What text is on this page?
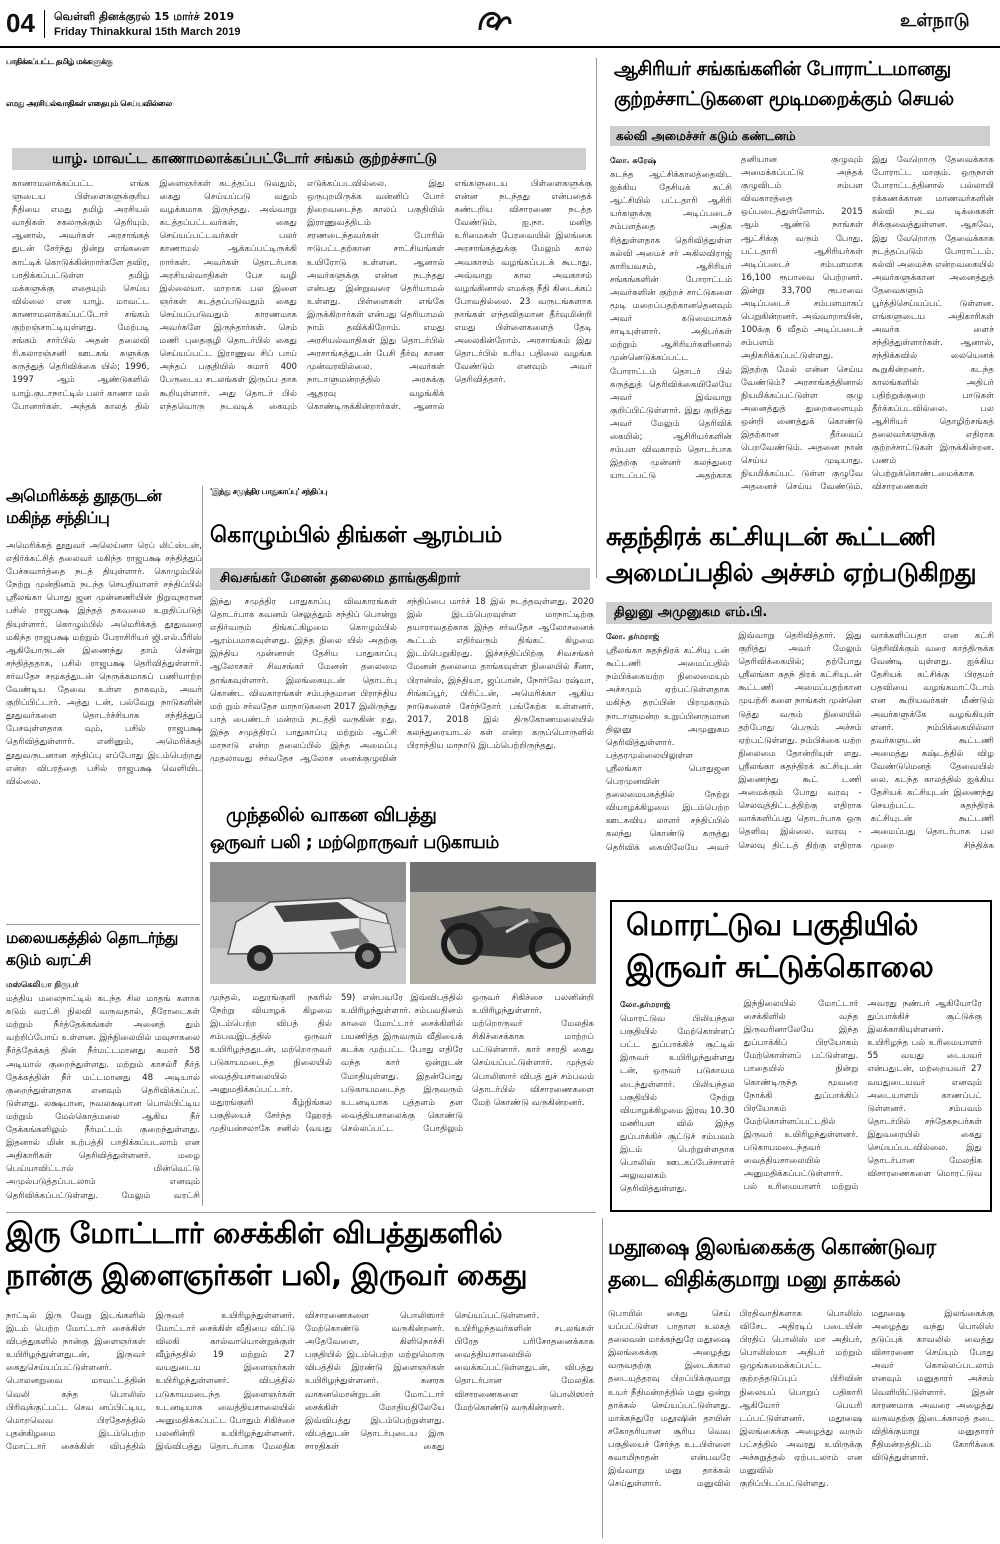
04 வெள்ளி தினக்குரல் 15 மார்ச் 2019
Friday Thinakkural 15th March 2019
உள்நாடு
பாதிக்கப்பட்ட தமிழ் மக்களுக்கு
எமது அரசியல்வாதிகள் எதையும் செய்யவில்லை
யாழ். மாவட்ட காணாமலாக்கப்பட்டோர் சங்கம் குற்றச்சாட்டு
காணாமலாக்கப்பட்ட எங்க ளுடைய பிள்ளைகளுக்குரிய நீதியை எமது தமிழ் அரசியல் வாதிகள் சகலருக்கும் தெரியும். ஆனால், அவர்கள் அரசாங்கத் துடன் சேர்ந்து நின்று எங்களை காட்டிக் கொடுக்கின்றார்களே தவிர, பாதிக்கப்பட்டுள்ள தமிழ் மக்களுக்கு எதையும் செய்ய வில்லை என யாழ். மாவட்ட காணாமலாக்கப்பட்டோர் சங்கம் குற்றஞ்சாட்டியுள்ளது. மேற்படி சங்கம் சார்பில் அதன் தலைவி ரி.கலாரஞ்சனி ஊடகங் களுக்கு கருத்துத் தெரிவிக்கை யில்; 1996, 1997 ஆம் ஆண்டுகளில் யாழ்.குடாநாட்டில் பலர் காணா மல் போனார்கள். அந்தக் காலத் தில் இளைஞர்கள் கடத்தப்ப டுவதும், கைது செய்யப்படு வதும் வழக்கமாக இருந்தது. அவ்வாறு கடத்தப்பட்டவர்கள், கைது செய்யப்பட்டவர்கள் பலர் காணாமல் ஆக்கப்பட்டிருக்கி றார்கள். அவர்கள் தொடர்பாக அரசியல்வாதிகள் பேச வழி இல்லையா. மாறாக பல இளை ஞர்கள் கடத்தப்படுவதும் கைது செய்யப்படுவதும் காரணமாக அவர்களே இருந்தார்கள். செம் மணி புதைகுழி தொடர்பில் கைது செய்யப்பட்ட இராணுவ சிப் பாய் அந்தப் பகுதியில் சுமார் 400 பேருடைய சடலங்கள் இருப்ப தாக கூறியுள்ளார். அது தொடர் பில் எந்தவொரு நடவடிக் கையும் எடுக்கப்படவில்லை. இது ஒருபுறமிருக்க வன்னிப் போர் நிறைவடைந்த காலப் பகுதியில் இராணுவத்திடம் சரணடைந்தவர்கள் போரில் ஈடுபட்டதற்கான சாட்சியங்கள் உயிரோடு உள்ளன. ஆனால் அவர்களுக்கு என்ன நடந்தது என்பது இன்றுவரை தெரியாமல் உள்ளது. பிள்ளைகள் எங்கே இருக்கிறார்கள் என்பது தெரியாமல் நாம் தவிக்கிறோம். எமது அரசியல்வாதிகள் இது தொடர்பில் அரசாங்கத்துடன் பேசி தீர்வு காண முன்வரவில்லை. அவர்கள் நாடாளுமன்றத்தில் அரசுக்கு ஆதரவு வழங்கிக் கொண்டிருக்கின்றார்கள். ஆனால் எங்களுடைய பிள்ளைகளுக்கு என்ன நடந்தது என்பதைக் கண்டறிய விசாரணை நடத்த வேண்டும். ஐ.நா. மனித உரிமைகள் பேரவையில் இலங்கை அரசாங்கத்துக்கு மேலும் கால அவகாசம் வழங்கப்படக் கூடாது. அவ்வாறு கால அவகாசம் வழங்கினால் எமக்கு நீதி கிடைக்கப் போவதில்லை. 23 வருடங்களாக நாங்கள் எந்தவிதமான தீர்வுமின்றி எமது பிள்ளைகளைத் தேடி அலைகின்றோம். அரசாங்கம் இது தொடர்பில் உரிய பதிலை வழங்க வேண்டும் எனவும் அவர் தெரிவித்தார்.
ஆசிரியர் சங்கங்களின் போராட்டமானது
குற்றச்சாட்டுகளை மூடிமறைக்கும் செயல்
கல்வி அமைச்சர் கடும் கண்டனம்
லோ. சுரேஷ்
கடந்த ஆட்சிக்காலத்தைவிட ஐக்கிய தேசியக் கட்சி ஆட்சியில் பட்டதாரி ஆசிரி யர்களுக்கு அடிப்படைச் சம்பளத்தை அதிக ரித்துள்ளதாக தெரிவித்துள்ள கல்வி அமைச் சர் அகிலவிராஜ் காரியவசம், ஆசிரியர் சங்கங்களின் போராட்டம் அவர்களின் குற்றச் சாட்டுகளை மூடி மறைப்பதற்கானதெனவும் அவர் கடுமையாகச் சாடியுள்ளார். அதிபர்கள் மற்றும் ஆசிரியர்களினால் முன்னெடுக்கப்பட்ட போராட்டம் தொடர் பில் கருத்துத் தெரிவிக்கையிலேயே அவர் இவ்வாறு குறிப்பிட்டுள்ளார். இது குறித்து அவர் மேலும் தெரிவிக் கையில்; ஆசிரியர்களின் சம்பள விவகாரம் தொடர்பாக இதற்கு முன்னர் கலந்துரை யாடப்பட்டு அதற்காக தனியான குழுவும் அமைக்கப்பட்டு அந்தக் குழுவிடம் சம்பள விவகாரத்தை ஒப்படைத்துள்ளோம். 2015 ஆம் ஆண்டு நாங்கள் ஆட்சிக்கு வரும் போது, பட்டதாரி ஆசிரியர்கள் அடிப்படைச் சம்பளமாக 16,100 ரூபாவை பெற்றனர். இன்று 33,700 ரூபாவை அடிப்படைச் சம்பளமாகப் பெறுகின்றனர். அவ்வாறாயின், 100க்கு 6 வீதம் அடிப்படைச் சம்பளம் அதிகரிக்கப்பட்டுள்ளது. இதற்கு மேல் என்ன செய்ய வேண்டும்? அரசாங்கத்தினால் நியமிக்கப்பட்டுள்ள குழு அனைத்துத் துறைகளையும் ஒன்றி ணைத்துக் கொண்டு இதற்கான தீர்வைப் பெறவேண்டும். அதனை நான் செய்ய முடியாது. நியமிக்கப்பட் டுள்ள குழுவே அதனைச் செய்ய வேண்டும். இது வேறொரு தேவைக்காக போராட்ட மாகும். ஒருநாள் போராட்டத்தினால் பல்லாயி ரக்கணக்கான மாணவர்களின் கல்வி நடவ டிக்கைகள் சிக்குவைத்துள்ளன. ஆகவே, இது வேறொரு தேவைக்காக நடத்தப்படும் போராட்டம். கல்வி அமைச்சு என்றவகையில் அவர்களுக்கான அனைத்துத் தேவைகளும் பூர்த்திசெய்யப்பட் டுள்ளன. எங்களுடைய அதிகாரிகள் அவர்க ளைச் சந்தித்துள்ளார்கள். ஆனால், சந்திக்கவில் லையெனக் கூறுகின்றனர். கடந்த காலங்களில் அதிபர் பதிற்றுக்குறை பாடுகள் தீர்க்கப்படவில்லை. பல ஆசிரியர் தொழிற்சங்கத் தலைவர்களுக்கு எதிராக குற்றச்சாட்டுகள் இருக்கின்றன. பணம் பெற்றுக்கொண்டமைக்காக விசாரணைகள்
அமெரிக்கத் தூதருடன்
மகிந்த சந்திப்பு
அமெரிக்கத் தூதுவர் அலெய்னா ரெப் லிட்ஸ்டன், எதிர்க்கட்சித் தலைவர் மகிந்த ராஜபக்ஷ சந்தித்துப் பேச்சுவார்த்தை நடத் தியுள்ளார். கொழும்பில் நேற்று முன்தினம் நடந்த செயதியாளர் சந்திப்பில் ஸ்ரீலங்கா பொது ஜன முன்னணியின் நிறுவுநரான பசில் ராஜபக்ஷ இந்தத் தகவலை உறுதிப்படுத் தியுள்ளார். கொழும்பில் அமெரிக்கத் தூதுவரை மகிந்த ராஜபக்ஷ மற்றும் பேராசிரியர் ஜி.எல்.பீரிஸ் ஆகியோருடன் இணைந்து தாம் சென்று சந்தித்ததாக, பசில் ராஜபக்ஷ தெரிவித்துள்ளார். சர்வதேச சமூகத்துடன் நெருக்கமாகப் பணியாற்ற வேண்டிய தேவை உள்ள தாகவும், அவர் குறிப்பிட்டார். அத்து டன், பல்வேறு நாடுகளின் தூதுவர்களை தொடர்ச்சியாக சந்தித்துப் பேசவுள்ளதாக வும், பசில் ராஜபக்ஷ தெரிவித்துள்ளார். எனினும், அமெரிக்கத் தூதுவருடனான சந்திப்பு எப்போது இடம்பெற்றது என்ற விபரத்தை பசில் ராஜபக்ஷ வெளியிட வில்லை.
'இந்து சமுத்திர பாதுகாப்பு' சந்திப்பு
கொழும்பில் திங்கள் ஆரம்பம்
சிவசங்கர் மேனன் தலைமை தாங்குகிறார்
இந்து சமுத்திர பாதுகாப்பு விவகாரங்கள் தொடர்பாக கவனம் செலுத்தும் சந்திப் பொன்று எதிர்வரும் திங்கட்கிழமை கொழும்பில் ஆரம்பமாகவுள்ளது. இந்த நிலை யில் அதற்கு இந்திய முன்னாள் தேசிய பாதுகாப்பு ஆலோசகர் சிவசங்கர் மேனன் தலைமை தாங்கவுள்ளார். இலங்கையுடன் தொடர்பு கொண்ட விவகாரங்கள் சம்பந்தமான பிராந்திய மற் றும் சர்வதேச மாநாடுகளை 2017 இலிருந்து பாத் பைண்டர் மன்றம் நடத்தி வருகின் றது. இந்த சமுத்திரப் பாதுகாப்பு மற்றும் ஆட்சி மாநாடு என்ற தலைப்பில் இந்த அமைப்பு முதலாவது சர்வதேச ஆலோச னைக்குழுவின் சந்திப்பை மார்ச் 18 இல் நடத்தவுள்ளது. 2020 இல் இடம்பெறவுள்ள மாநாட்டிற்கு தயாராவதற்காக இந்த சர்வதேச ஆலோசனைக் கூட்டம் எதிர்வரும் திங்கட் கிழமை இடம்பெறுகிறது. இச்சந்திப்பிற்கு சிவசங்கர் மேனன் தலைமை தாங்கவுள்ள நிலையில் சீனா, பிரான்ஸ், இந்தியா, ஜப்பான், நோர்வே ரஷ்யா, சிங்கப்பூர், பிரிட்டன், அமெரிக்கா ஆகிய நாடுகளைச் சேர்ந்தோர் பங்கேற்க உள்ளனர். 2017, 2018 இல் திருகோணமலையில் கலந்துரையாடல் கள் என்ற கருப்பொருளில் பிராந்திய மாநாடு இடம்பெற்றிருந்தது.
சுதந்திரக் கட்சியுடன் கூட்டணி
அமைப்பதில் அச்சம் ஏற்படுகிறது
திலுனு அமுனுகம எம்.பி.
லோ. தர்மராஜ்
ஸ்ரீலங்கா சுதந்திரக் கட்சியு டன் கூட்டணி அமைப்பதில் நம்பிக்கையற்ற நிலைமையும் அச்சமும் ஏற்பட்டுள்ளதாக மகிந்த தரப்பின் பிரமுகரும் நாடாளுமன்ற உறுப்பினருமான திலுனு அமுனுகம தெரிவித்துள்ளார். பத்தரமுல்லையிலுள்ள ஸ்ரீலங்கா பொதுஜன பெரமுனவின் தலைமையகத்தில் நேற்று வியாழக்கிழமை இடம்பெற்ற ஊடகவிய லாளர் சந்திப்பில் கலந்து கொண்டு கருத்து தெரிவிக் கையிலேயே அவர் இவ்வாறு தெரிவித்தார். இது குறித்து அவர் மேலும் தெரிவிக்கையில்; தற்போது ஸ்ரீலங்கா சுதந் திரக் கட்சியுடன் கூட்டணி அமைப்பதற்கான முயற்சி களை நாங்கள் முன்னெ டுத்து வரும் நிலையில் தற்போது பெரும் அச்சம் ஏற்பட்டுள்ளது. நம்பிக்கை யற்ற நிலைமை தோன்றியுள் ளது. ஸ்ரீலங்கா சுதந்திரக் கட்சியுடன் இணைந்து கூட் டணி அமைக்கும் போது வரவு - செலவுத்திட்டத்திற்கு எதிராக வாக்களிப்பது தொடர்பாக ஒரு தெளிவு இல்லை. வரவு - செலவு திட்டத் திற்கு எதிராக வாக்களிப்பதா என கட்சி தெரிவிக்கும் வரை காத்திருக்க வேண்டி யுள்ளது. ஐக்கிய தேசியக் கட்சிக்கு பிரதமர் பதவியை வழங்கமாட்டோம் என கூறியவர்கள் மீண்டும் அவர்களுக்கே வழங்கியுள் ளனர். நம்பிக்கையில்லா தவர்களுடன் கூட்டணி அமைத்து கஷ்டத்தில் விழ வேண்டுமெனத் தேவையில் லை. கடந்த காலத்தில் ஐக்கிய தேசியக் கட்சியுடன் இணைந்து செயற்பட்ட சுதந்திரக் கட்சியுடன் கூட்டணி அமைப்பது தொடர்பாக பல முறை சிந்திக்க
முந்தலில் வாகன விபத்து
ஒருவர் பலி ; மற்றொருவர் படுகாயம்
முந்தல், மதுரங்குளி நகரில் நேற்று வியாழக் கிழமை இடம்பெற்ற விபத் தில் சம்பவஇடத்தில் ஒருவர் உயிரிழந்ததுடன், மற்றொருவர் படுகாயமடைந்த நிலையில் வைத்தியசாலையில் அனுமதிக்கப்பட்டார். மதுரங்குளி கீழ்நிங்கல பகுதியைச் சேர்ந்த ஹேரத் முதியன்சலாகே சனில் (வயது 59) என்பவரே இவ்விபத்தில் உயிரிழந்துள்ளார். சம்பவதினம் காலை மோட்டார் சைக்கிளில் பயணித்த இருவரும் வீதியைக் கடக்க முற்பட்ட போது எதிரே வந்த கார் ஒன்றுடன் மோதியுள்ளது. இதன்போது படுகாயமடைந்த இருவரும் உடனடியாக புத்தளம் தள வைத்தியசாலைக்கு கொண்டு செல்லப்பட்ட போதிலும் ஒருவர் சிகிச்சை பலனின்றி உயிரிழந்துள்ளார். மற்றொருவர் மேலதிக சிகிச்சைக்காக மாற்றப் பட்டுள்ளார். கார் சாரதி கைது செய்யப்பட்டுள்ளார். முந்தல் பொலிஸார் விபத் துச் சம்பவம் தொடர்பில் விசாரணைகளை மேற் கொண்டு வருகின்றனர்.
மலையகத்தில் தொடர்ந்து
கடும் வரட்சி
மஸ்கெலியா நிருபர்
மத்திய மலைநாட்டில் கடந்த சில மாதங் களாக கடும் வரட்சி நிலவி வருவதால், நீரோடைகள் மற்றும் நீர்த்தேக்கங்கள் அனைத் தும் வற்றிப்போய் உள்ளன. இந்நிலையில் மவுசாகலை நீர்த்தேக்கத் தின் நீர்மட்டமானது சுமார் 58 அடியால் குறைந்துள்ளது. மற்றும் காசல்ரீ நீர்த் தேக்கத்தின் நீர் மட்டமானது 48 அடியால் குறைந்துள்ளதாக எனவும் தெரிவிக்கப்பட் டுள்ளது. லக்ஷபான, நவலக்ஷபான பொல்பிட்டிய மற்றும் மேல்கொத்மலை ஆகிய நீர் தேக்கங்களிலும் நீர்மட்டம் குறைந்துள்ளது. இதனால் மின் உற்பத்தி பாதிக்கப்படலாம் என அதிகாரிகள் தெரிவித்துள்ளனர். மழை பெய்யாவிட்டால் மின்வெட்டு அமுல்படுத்தப்படலாம் எனவும் தெரிவிக்கப்பட்டுள்ளது. மேலும் வரட்சி
மொரட்டுவ பகுதியில்
இருவர் சுட்டுக்கொலை
லோ.தர்மராஜ்
மொரட்டுவ பிலியந்தல பகுதியில் மேற்கொள்ளப் பட்ட துப்பாக்கிச் சூட்டில் இருவர் உயிரிழந்துள்ளது டன், ஒருவர் படுகாயம டைந்துள்ளார். பிலியந்தல பகுதியில் நேற்று வியாழக்கிழமை இரவு 10.30 மணியள வில் இந்த துப்பாக்கிச் சூட்டுச் சம்பவம் இடம் பெற்றுள்ளதாக பொலிஸ் ஊடகப்பேச்சாளர் அலுவலகம் தெரிவித்துள்ளது. இந்நிலையில் மோட்டார் சைக்கிளில் வந்த இருவரினாலேயே இந்த துப்பாக்கிப் பிரயோகம் மேற்கொள்ளப் பட்டுள்ளது. பாதையில் நின்று கொண்டிருந்த மூவரை நோக்கி துப்பாக்கிப் பிரயோகம் மேற்கொள்ளப்பட்டதில் இருவர் உயிரிழந்துள்ளனர். படுகாயமடைந்தவர் வைத்தியசாலையில் அனுமதிக்கப்பட்டுள்ளார். பல் உரிமையாளர் மற்றும் அவரது நண்பர் ஆகியோரே துப்பாக்கிச் சூட்டுக்கு இலக்காகியுள்ளனர். உயிரிழந்த பல் உரிமையாளர் 55 வயது டையவர் என்பதுடன், மற்றையவர் 27 வயதுடையவர் எனவும் அடையாளம் காணப்பட் டுள்ளனர். சம்பவம் தொடர்பில் சந்தேகநபர்கள் இதுவரையில் கைது செய்யப்படவில்லை. இது தொடர்பான மேலதிக விசாரணைகளை மொரட்டுவ
இரு மோட்டார் சைக்கிள் விபத்துகளில்
நான்கு இளைஞர்கள் பலி, இருவர் கைது
நாட்டில் இரு வேறு இடங்களில் இடம் பெற்ற மோட்டார் சைக்கிள் விபத்துகளில் நான்கு இளைஞர்கள் உயிரிழந்துள்ளதுடன், இருவர் கைதுசெய்யப்பட்டுள்ளனர். பொலனறுவை மாவட்டத்தின் வெலி கந்த பொலிஸ் பிரிவுக்குட்பட்ட செவ னப்பிட்டிய, மொறவெவ பிரதேசத்தில் புதன்கிழமை இடம்பெற்ற மோட்டார் சைக்கிள் விபத்தில் இருவர் உயிரிழந்துள்ளனர். மோட்டார் சைக்கிள் வீதியை விட்டு விலகி கால்வாயொன்றுக்குள் வீழ்ந்ததில் 19 மற்றும் 27 வயதுடைய இளைஞர்கள் உயிரிழந்துள்ளனர். விபத்தில் படுகாயமடைந்த இளைஞர்கள் உடனடியாக வைத்தியசாலையில் அனுமதிக்கப்பட்ட போதும் சிகிச்சை பலனின்றி உயிரிழந்துள்ளனர். இவ்விபத்து தொடர்பாக மேலதிக விசாரணைகளை பொலிஸார் மேற்கொண்டு வருகின்றனர். அதேவேளை, கிளிநொச்சி பகுதியில் இடம்பெற்ற மற்றுமொரு விபத்தில் இரண்டு இளைஞர்கள் உயிரிழந்துள்ளனர். கனரக வாகனமொன்றுடன் மோட்டார் சைக்கிள் மோதியதிலேயே இவ்விபத்து இடம்பெற்றுள்ளது. விபத்துடன் தொடர்புடைய இரு சாரதிகள் கைது செய்யப்பட்டுள்ளனர். உயிரிழந்தவர்களின் சடலங்கள் பிரேத பரிசோதனைக்காக வைத்தியசாலையில் வைக்கப்பட்டுள்ளதுடன், விபத்து தொடர்பான மேலதிக விசாரணைகளை பொலிஸார் மேற்கொண்டு வருகின்றனர்.
மதூஷை இலங்கைக்கு கொண்டுவர
தடை விதிக்குமாறு மனு தாக்கல்
டுபாயில் கைது செய் யப்பட்டுள்ள பாதாள உலகத் தலைவன் மாக்கந்துரே மதூஷை இலங்கைக்கு அழைத்து வருவதற்கு இடைக்கால தடையுத்தரவு பிறப்பிக்குமாறு உயர் நீதிமன்றத்தில் மனு ஒன்று தாக்கல் செய்யப்பட்டுள்ளது. மாக்கந்துரே மதூஷின் தாயின் சகோதரியான சூரிய வெவ பகுதியைச் சேர்ந்த உடபிள்ளை சுவாமிநாதன் என்பவரே இவ்வாறு மனு தாக்கல் செய்துள்ளார். மனுவில் பிரதிவாதிகளாக பொலிஸ் விசேட அதிரடிப் படையின் பிரதிப் பொலிஸ் மா அதிபர், பொலிஸ்மா அதிபர் மற்றும் ஒழுங்கமைக்கப்பட்ட குற்றத்தடுப்புப் பிரிவின் நிலையப் பொறுப் பதிகாரி ஆகியோர் பெயரி டப்பட்டுள்ளனர். மதூஷை இலங்கைக்கு அழைத்து வரும் பட்சத்தில் அவரது உயிருக்கு அச்சுறுத்தல் ஏற்படலாம் என மனுவில் குறிப்பிடப்பட்டுள்ளது. மதூஷை இலங்கைக்கு அழைத்து வந்து பொலிஸ் தடுப்புக் காவலில் வைத்து விசாரணை செய்யும் போது அவர் கொல்லப்படலாம் எனவும் மனுதாரர் அச்சம் வெளியிட்டுள்ளார். இதன் காரணமாக அவரை அழைத்து வருவதற்கு இடைக்காலத் தடை விதிக்குமாறு மனுதாரர் நீதிமன்றத்திடம் கோரிக்கை விடுத்துள்ளார்.
